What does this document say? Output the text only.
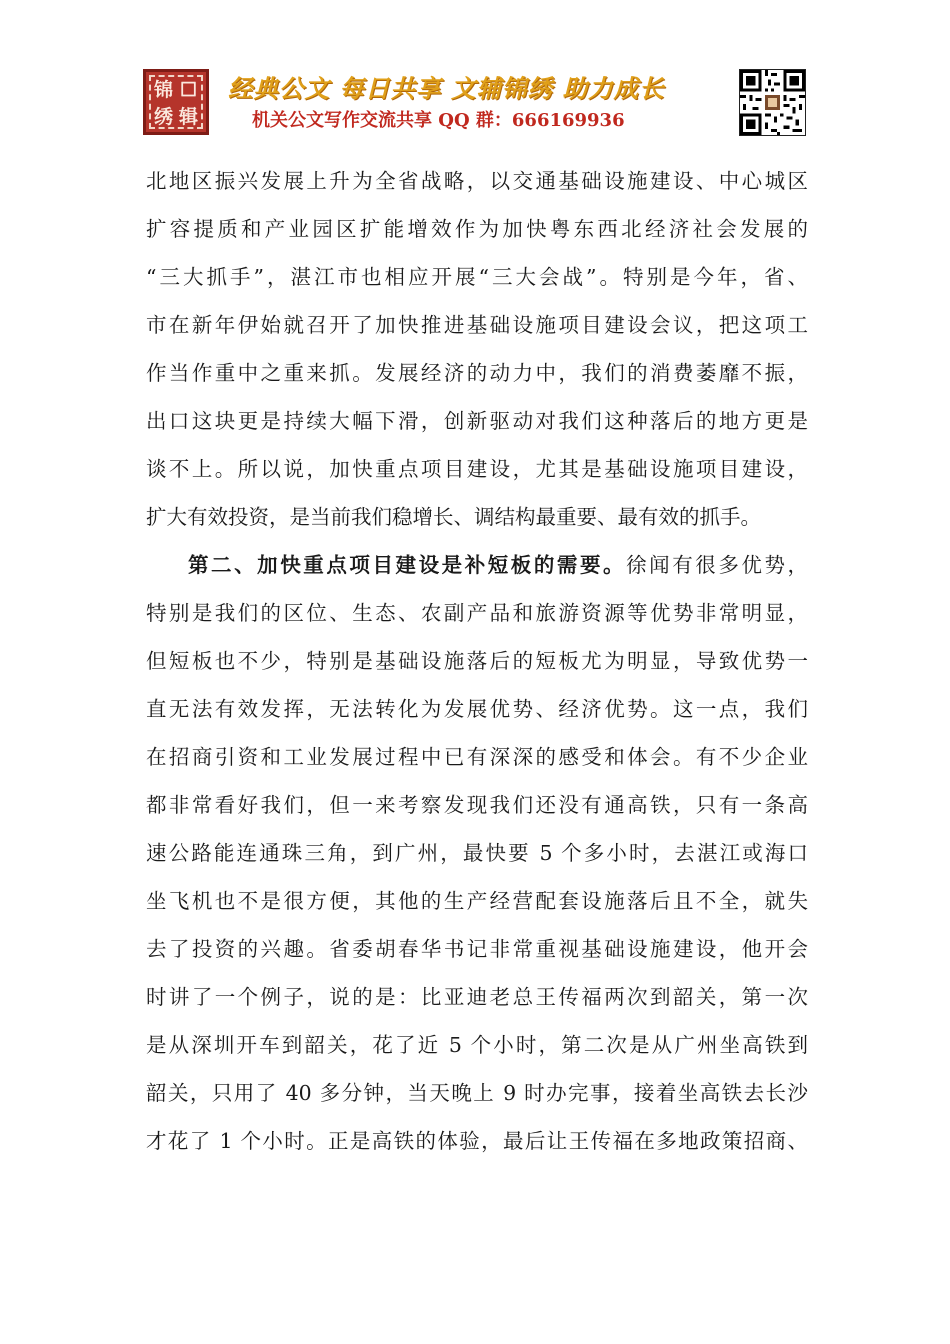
锦 ☐
绣 辑
经典公文 每日共享 文辅锦绣 助力成长
机关公文写作交流共享 QQ 群：666169936
北地区振兴发展上升为全省战略，以交通基础设施建设、中心城区
扩容提质和产业园区扩能增效作为加快粤东西北经济社会发展的
“三大抓手”，湛江市也相应开展“三大会战”。特别是今年，省、
市在新年伊始就召开了加快推进基础设施项目建设会议，把这项工
作当作重中之重来抓。发展经济的动力中，我们的消费萎靡不振，
出口这块更是持续大幅下滑，创新驱动对我们这种落后的地方更是
谈不上。所以说，加快重点项目建设，尤其是基础设施项目建设，
扩大有效投资，是当前我们稳增长、调结构最重要、最有效的抓手。
第二、加快重点项目建设是补短板的需要。徐闻有很多优势，
特别是我们的区位、生态、农副产品和旅游资源等优势非常明显，
但短板也不少，特别是基础设施落后的短板尤为明显，导致优势一
直无法有效发挥，无法转化为发展优势、经济优势。这一点，我们
在招商引资和工业发展过程中已有深深的感受和体会。有不少企业
都非常看好我们，但一来考察发现我们还没有通高铁，只有一条高
速公路能连通珠三角，到广州，最快要 5 个多小时，去湛江或海口
坐飞机也不是很方便，其他的生产经营配套设施落后且不全，就失
去了投资的兴趣。省委胡春华书记非常重视基础设施建设，他开会
时讲了一个例子，说的是：比亚迪老总王传福两次到韶关，第一次
是从深圳开车到韶关，花了近 5 个小时，第二次是从广州坐高铁到
韶关，只用了 40 多分钟，当天晚上 9 时办完事，接着坐高铁去长沙
才花了 1 个小时。正是高铁的体验，最后让王传福在多地政策招商、
